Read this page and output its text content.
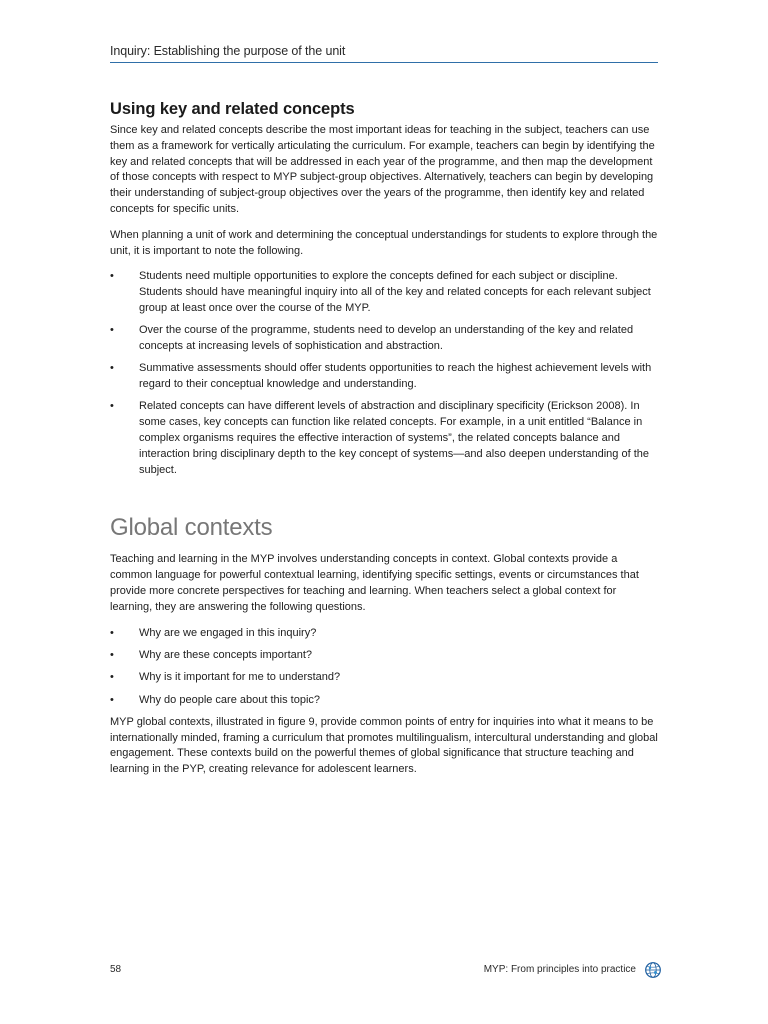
Inquiry: Establishing the purpose of the unit
Using key and related concepts

Since key and related concepts describe the most important ideas for teaching in the subject, teachers can use them as a framework for vertically articulating the curriculum. For example, teachers can begin by identifying the key and related concepts that will be addressed in each year of the programme, and then map the development of those concepts with respect to MYP subject-group objectives. Alternatively, teachers can begin by developing their understanding of subject-group objectives over the years of the programme, then identify key and related concepts for specific units.

When planning a unit of work and determining the conceptual understandings for students to explore through the unit, it is important to note the following.

•	Students need multiple opportunities to explore the concepts defined for each subject or discipline. Students should have meaningful inquiry into all of the key and related concepts for each relevant subject group at least once over the course of the MYP.
•	Over the course of the programme, students need to develop an understanding of the key and related concepts at increasing levels of sophistication and abstraction.
•	Summative assessments should offer students opportunities to reach the highest achievement levels with regard to their conceptual knowledge and understanding.
•	Related concepts can have different levels of abstraction and disciplinary specificity (Erickson 2008). In some cases, key concepts can function like related concepts. For example, in a unit entitled “Balance in complex organisms requires the effective interaction of systems”, the related concepts balance and interaction bring disciplinary depth to the key concept of systems—and also deepen understanding of the subject.
Global contexts

Teaching and learning in the MYP involves understanding concepts in context. Global contexts provide a common language for powerful contextual learning, identifying specific settings, events or circumstances that provide more concrete perspectives for teaching and learning. When teachers select a global context for learning, they are answering the following questions.

•	Why are we engaged in this inquiry?
•	Why are these concepts important?
•	Why is it important for me to understand?
•	Why do people care about this topic?

MYP global contexts, illustrated in figure 9, provide common points of entry for inquiries into what it means to be internationally minded, framing a curriculum that promotes multilingualism, intercultural understanding and global engagement. These contexts build on the powerful themes of global significance that structure teaching and learning in the PYP, creating relevance for adolescent learners.

58	MYP: From principles into practice
